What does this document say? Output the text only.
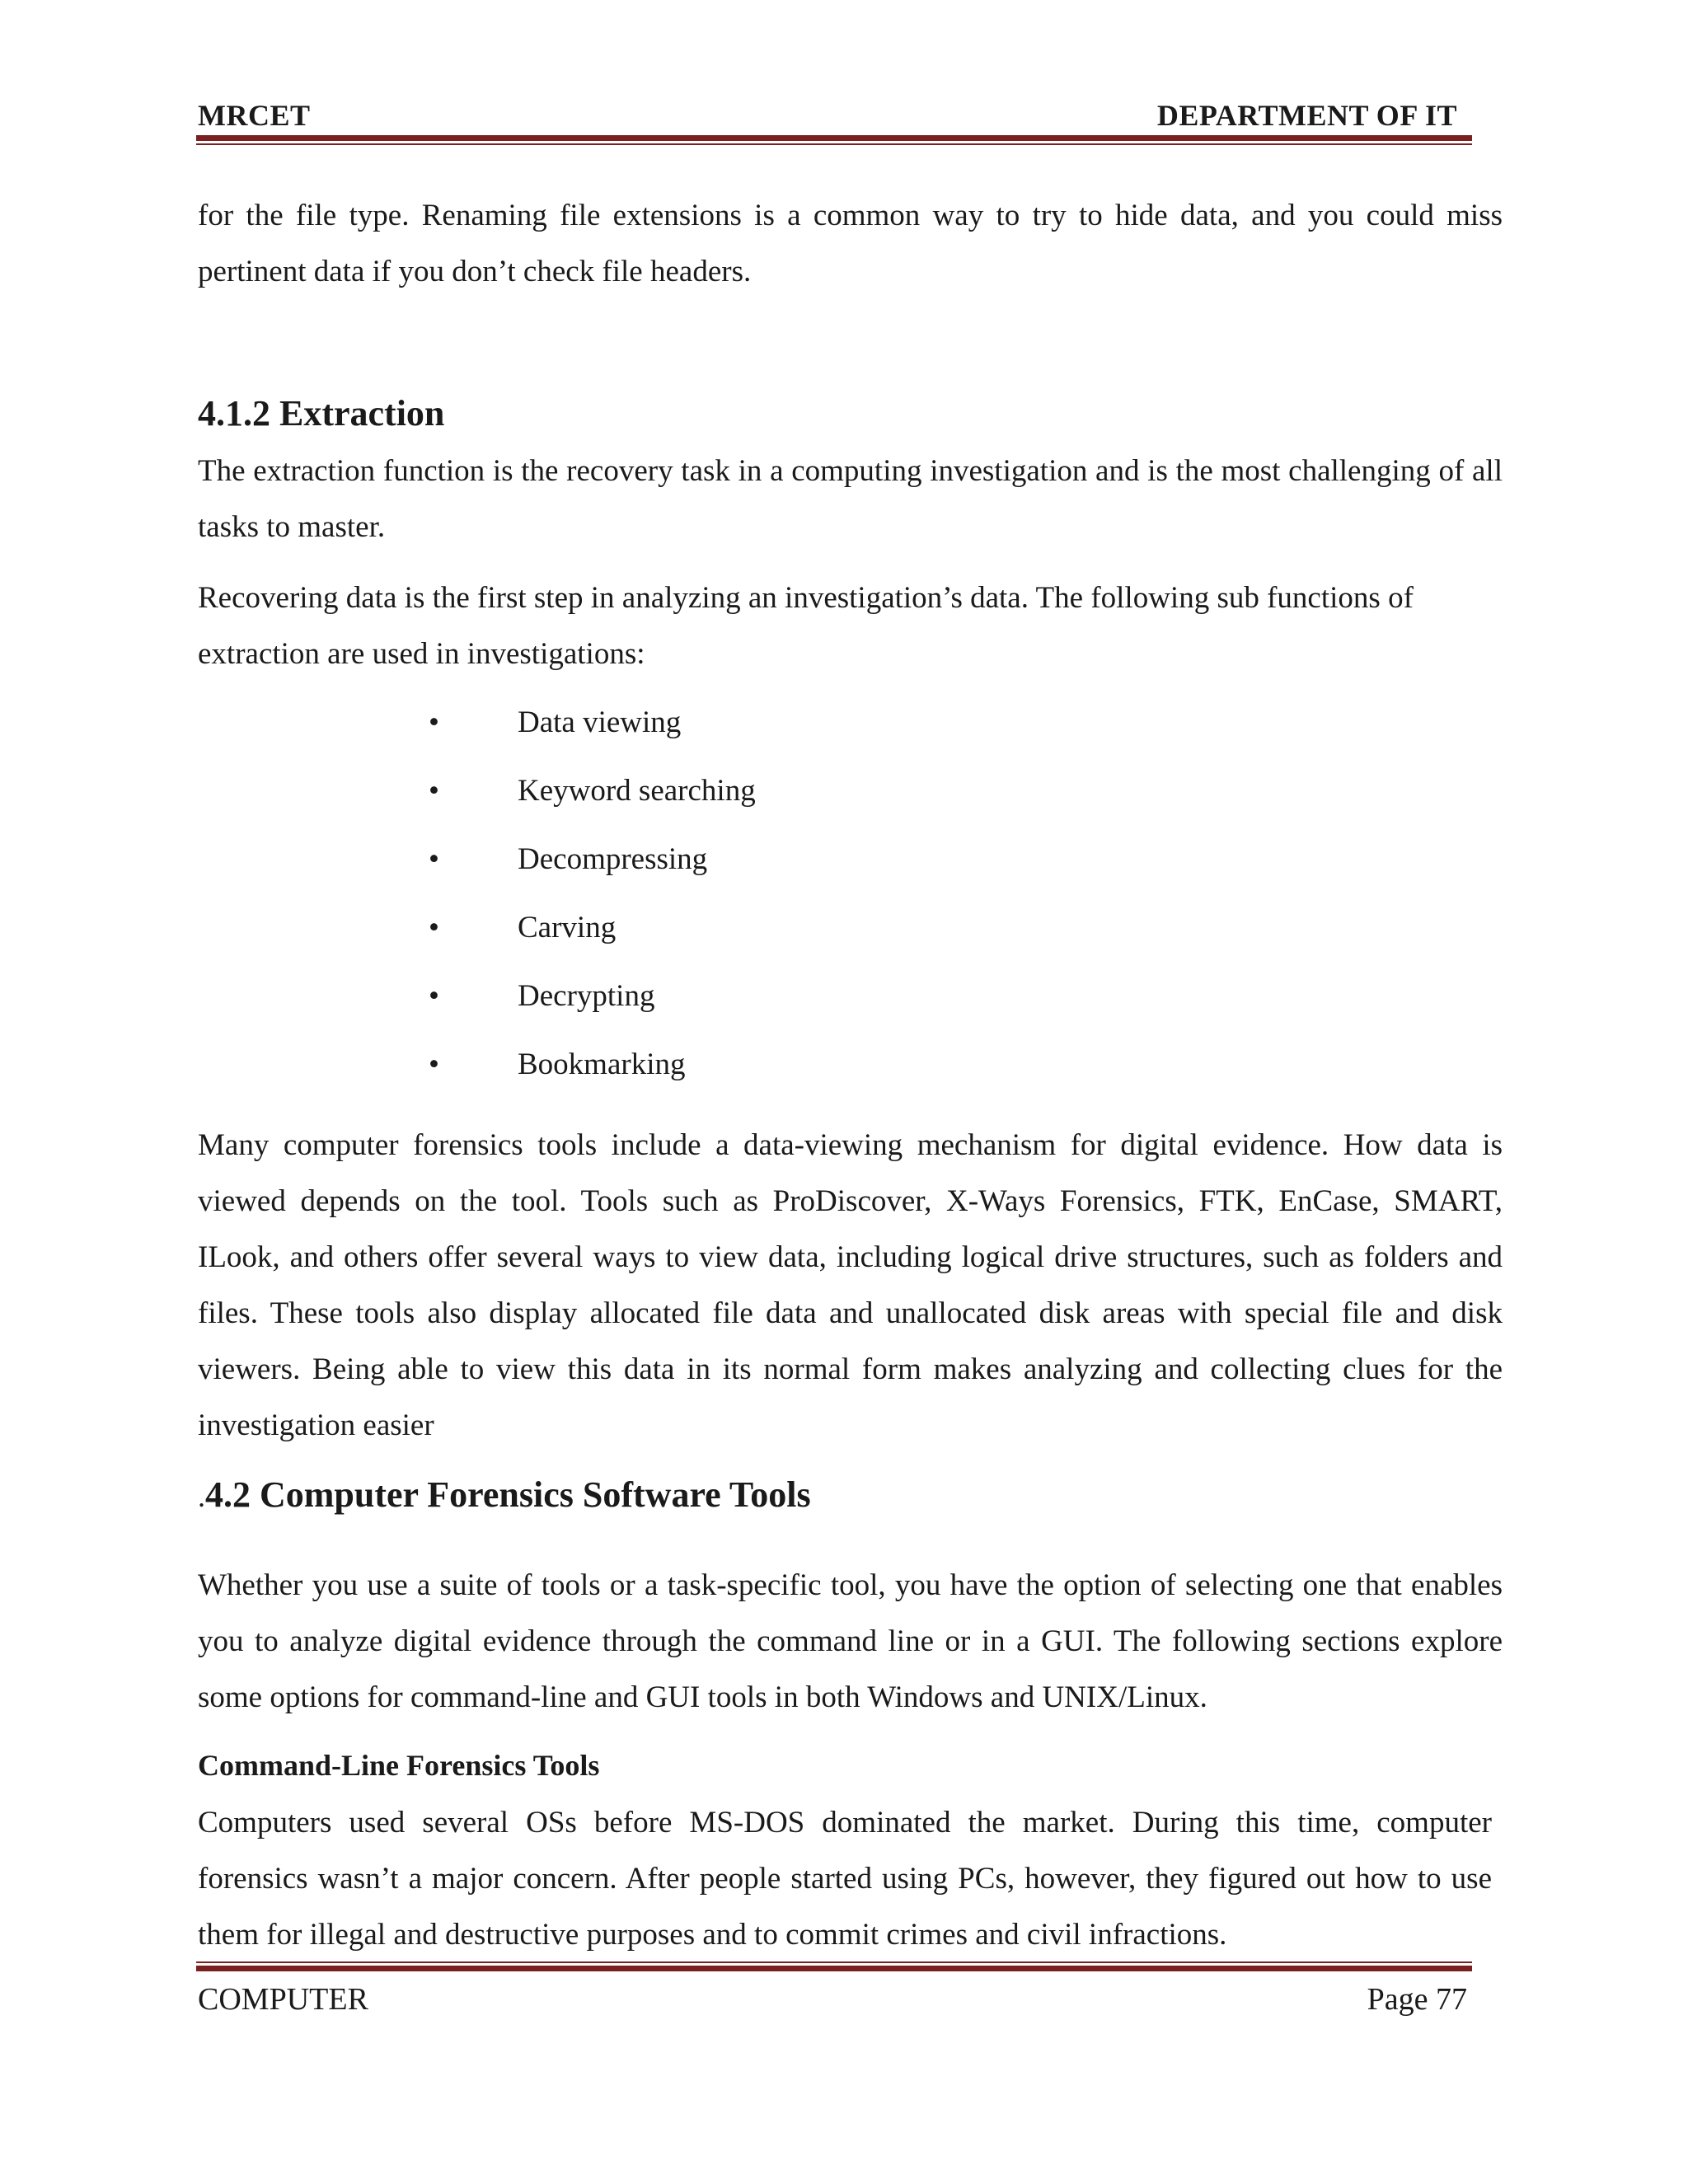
MRCET	DEPARTMENT OF IT

for the file type. Renaming file extensions is a common way to try to hide data, and you could miss pertinent data if you don’t check file headers.

4.1.2 Extraction

The extraction function is the recovery task in a computing investigation and is the most challenging of all tasks to master.

Recovering data is the first step in analyzing an investigation’s data. The following sub functions of extraction are used in investigations:

•	Data viewing
•	Keyword searching
•	Decompressing
•	Carving
•	Decrypting
•	Bookmarking

Many computer forensics tools include a data-viewing mechanism for digital evidence. How data is viewed depends on the tool. Tools such as ProDiscover, X-Ways Forensics, FTK, EnCase, SMART, ILook, and others offer several ways to view data, including logical drive structures, such as folders and files. These tools also display allocated file data and unallocated disk areas with special file and disk viewers. Being able to view this data in its normal form makes analyzing and collecting clues for the investigation easier

.4.2 Computer Forensics Software Tools

Whether you use a suite of tools or a task-specific tool, you have the option of selecting one that enables you to analyze digital evidence through the command line or in a GUI. The following sections explore some options for command-line and GUI tools in both Windows and UNIX/Linux.

Command-Line Forensics Tools

Computers used several OSs before MS-DOS dominated the market. During this time, computer forensics wasn’t a major concern. After people started using PCs, however, they figured out how to use them for illegal and destructive purposes and to commit crimes and civil infractions.

COMPUTER	Page 77
